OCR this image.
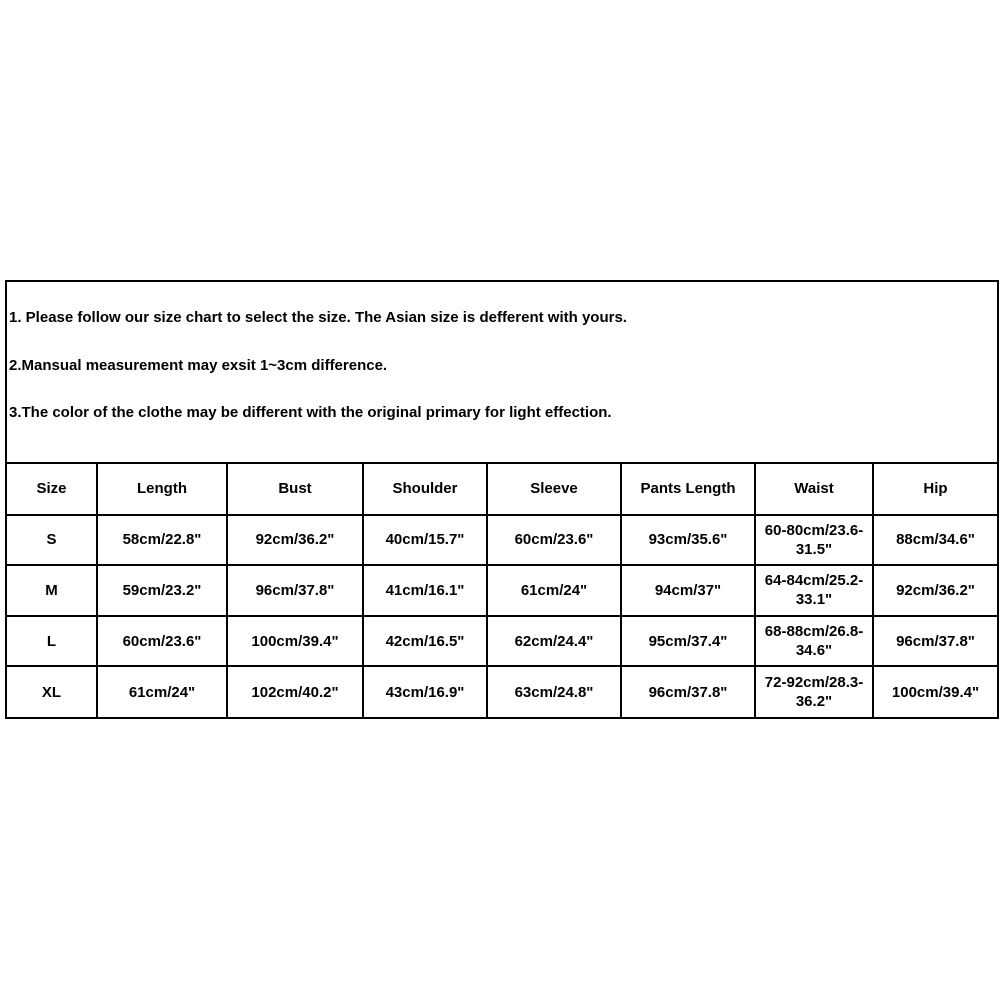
1. Please follow our size chart to select the size. The Asian size is defferent with yours.
2.Mansual measurement may exsit 1~3cm difference.
3.The color of the clothe may be different with the original primary for light effection.
Size	Length	Bust	Shoulder	Sleeve	Pants Length	Waist	Hip
S	58cm/22.8"	92cm/36.2"	40cm/15.7"	60cm/23.6"	93cm/35.6"	60-80cm/23.6-31.5"	88cm/34.6"
M	59cm/23.2"	96cm/37.8"	41cm/16.1"	61cm/24"	94cm/37"	64-84cm/25.2-33.1"	92cm/36.2"
L	60cm/23.6"	100cm/39.4"	42cm/16.5"	62cm/24.4"	95cm/37.4"	68-88cm/26.8-34.6"	96cm/37.8"
XL	61cm/24"	102cm/40.2"	43cm/16.9"	63cm/24.8"	96cm/37.8"	72-92cm/28.3-36.2"	100cm/39.4"
